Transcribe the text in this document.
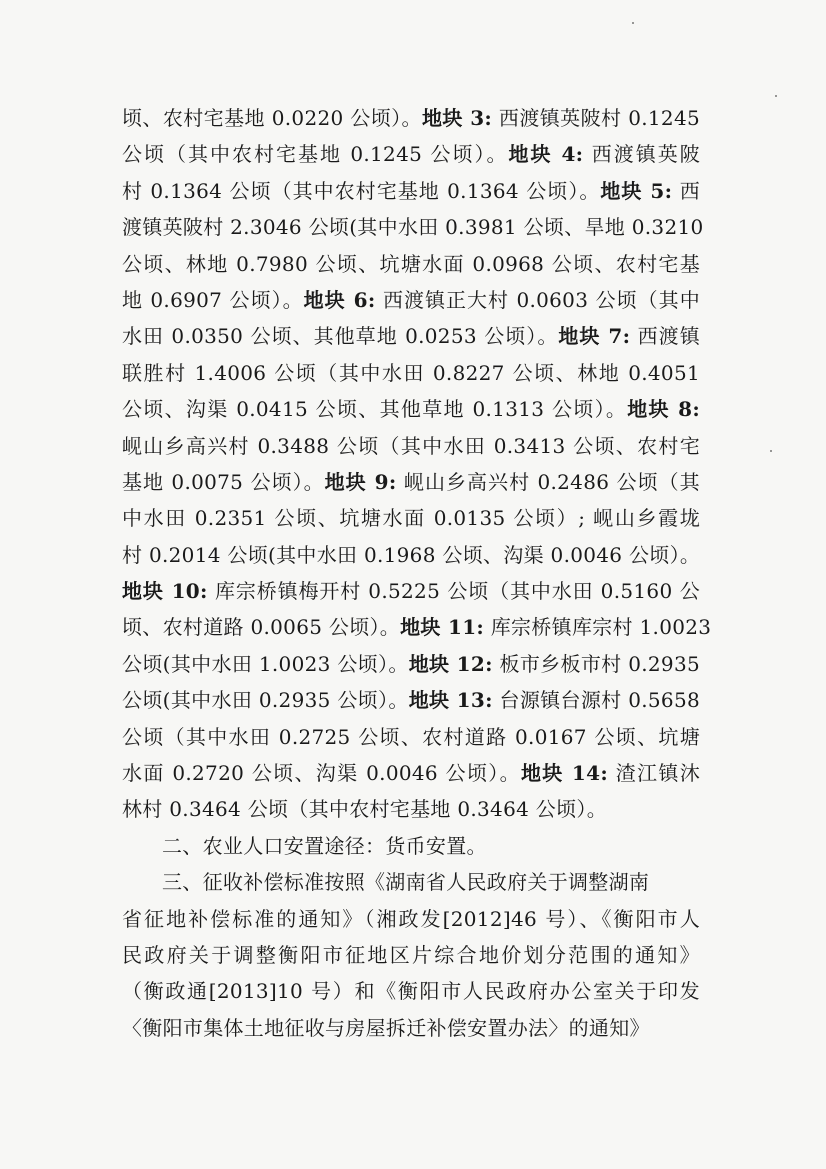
顷、农村宅基地 0.0220 公顷）。地块 3: 西渡镇英陂村 0.1245
公顷（其中农村宅基地 0.1245 公顷）。地块 4: 西渡镇英陂
村 0.1364 公顷（其中农村宅基地 0.1364 公顷）。地块 5: 西
渡镇英陂村 2.3046 公顷(其中水田 0.3981 公顷、旱地 0.3210
公顷、林地 0.7980 公顷、坑塘水面 0.0968 公顷、农村宅基
地 0.6907 公顷）。地块 6: 西渡镇正大村 0.0603 公顷（其中
水田 0.0350 公顷、其他草地 0.0253 公顷）。地块 7: 西渡镇
联胜村 1.4006 公顷（其中水田 0.8227 公顷、林地 0.4051
公顷、沟渠 0.0415 公顷、其他草地 0.1313 公顷）。地块 8:
岘山乡高兴村 0.3488 公顷（其中水田 0.3413 公顷、农村宅
基地 0.0075 公顷）。地块 9: 岘山乡高兴村 0.2486 公顷（其
中水田 0.2351 公顷、坑塘水面 0.0135 公顷）; 岘山乡霞垅
村 0.2014 公顷(其中水田 0.1968 公顷、沟渠 0.0046 公顷）。
地块 10: 库宗桥镇梅开村 0.5225 公顷（其中水田 0.5160 公
顷、农村道路 0.0065 公顷）。地块 11: 库宗桥镇库宗村 1.0023
公顷(其中水田 1.0023 公顷）。地块 12: 板市乡板市村 0.2935
公顷(其中水田 0.2935 公顷）。地块 13: 台源镇台源村 0.5658
公顷（其中水田 0.2725 公顷、农村道路 0.0167 公顷、坑塘
水面 0.2720 公顷、沟渠 0.0046 公顷）。地块 14: 渣江镇沐
林村 0.3464 公顷（其中农村宅基地 0.3464 公顷）。
二、农业人口安置途径：货币安置。
三、征收补偿标准按照《湖南省人民政府关于调整湖南
省征地补偿标准的通知》（湘政发[2012]46 号）、《衡阳市人
民政府关于调整衡阳市征地区片综合地价划分范围的通知》
（衡政通[2013]10 号）和《衡阳市人民政府办公室关于印发
〈衡阳市集体土地征收与房屋拆迁补偿安置办法〉的通知》
